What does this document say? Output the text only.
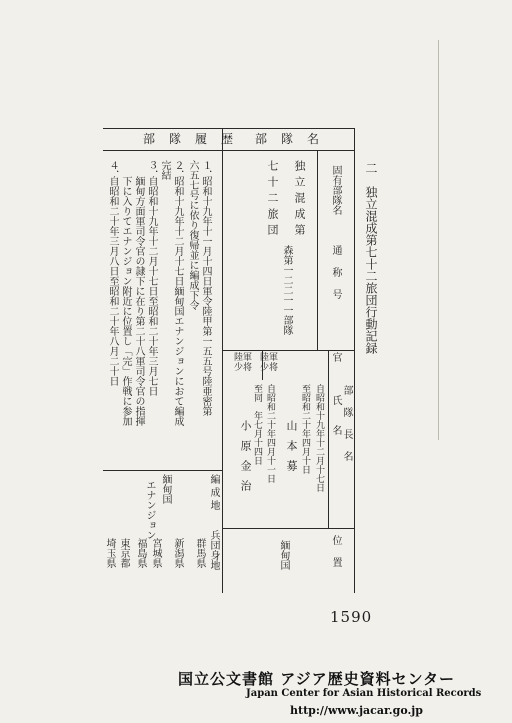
二　独立混成第七十二旅団行動記録
部隊履歴 部隊名
固有部隊名
独立混成第
七十二旅団
通称号
森第一二二一一部隊
１．
昭和十九年十一月十四日軍令陸甲第一五五号陸亜密第
六五七号に依り復帰並に編成下令
２．
昭和十九年十二月十七日緬甸国エナンジョンにおて編成
完結
３．
自昭和十九年十二月十七日至昭和二十年三月七日
緬甸方面軍司令官の隷下に在り第二十八軍司令官の指揮
下に入りてエナンジョン附近に位置し「完」作戦に参加
４．
自昭和二十年三月八日至昭和二十年八月二十日
編成地
緬甸国
エナンジョン
官
部隊長名
氏名
陸軍
少将
陸軍
少将
自昭和十九年十二月十七日
至昭和二十年四月十日
山本募
自昭和二十年四月十一日
至同　年七月十四日
小原金治
位置
緬甸国
兵団身地
群馬県
新潟県
宮城県
福島県
東京都
埼玉県
1590
国立公文書館 アジア歴史資料センター
Japan Center for Asian Historical Records
http://www.jacar.go.jp
